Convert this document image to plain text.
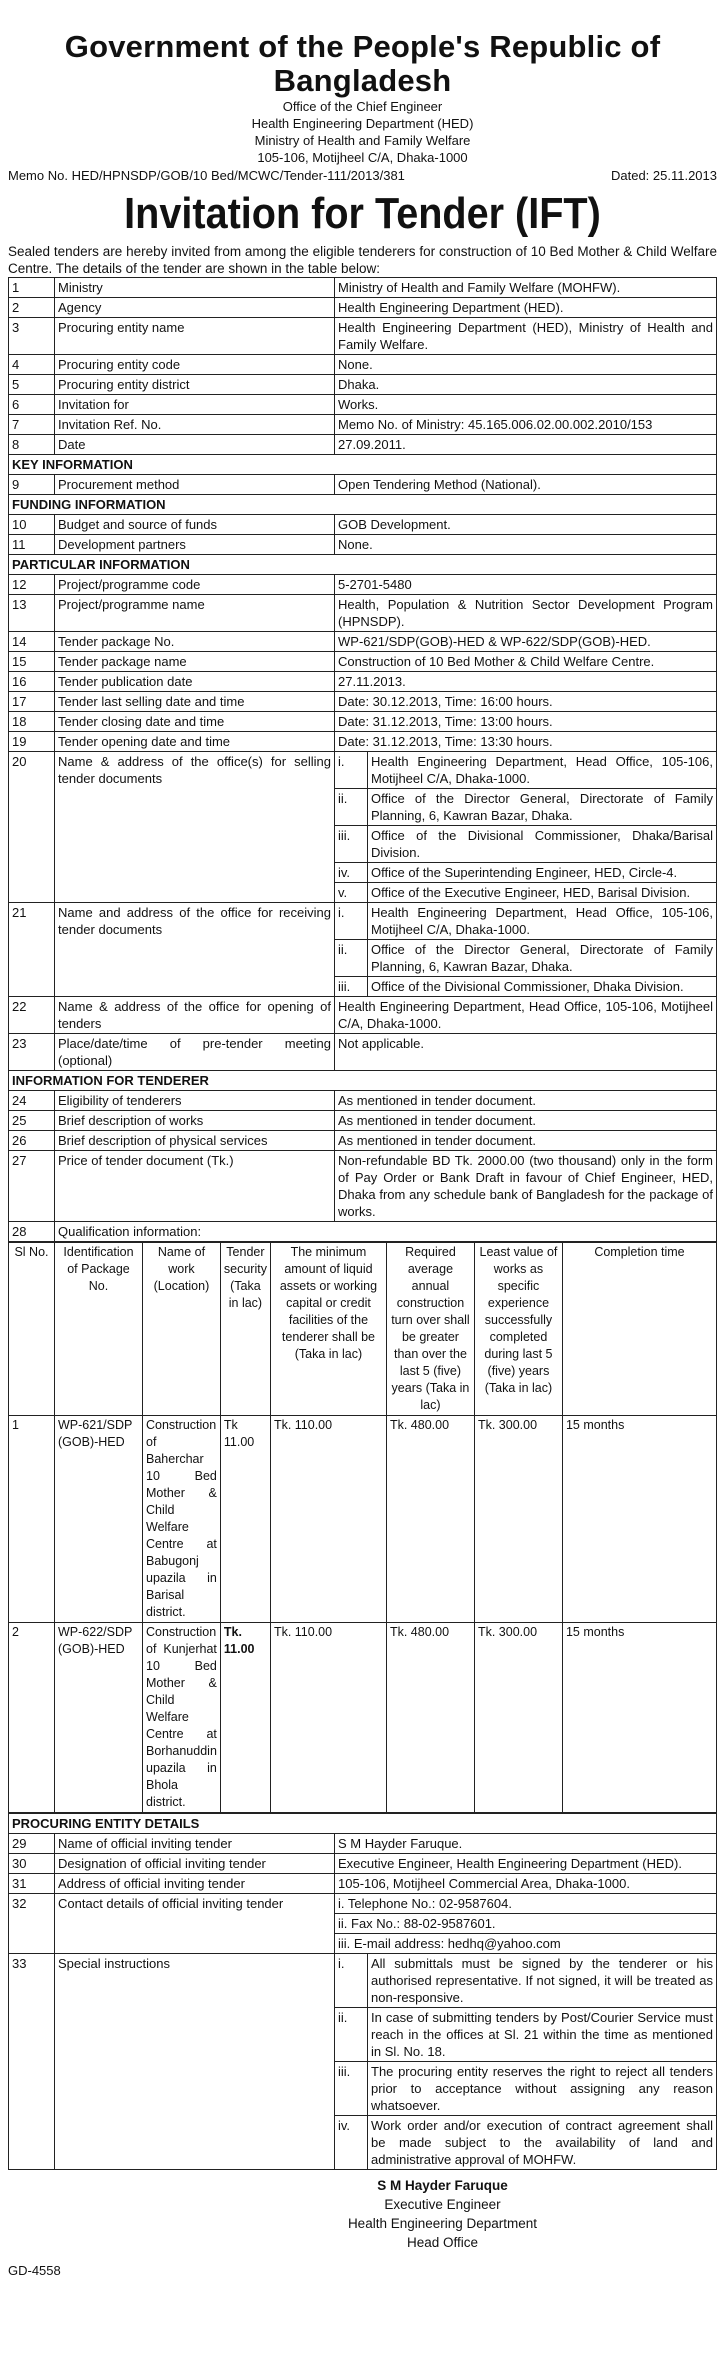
Government of the People's Republic of Bangladesh
Office of the Chief Engineer
Health Engineering Department (HED)
Ministry of Health and Family Welfare
105-106, Motijheel C/A, Dhaka-1000
Memo No. HED/HPNSDP/GOB/10 Bed/MCWC/Tender-111/2013/381	Dated: 25.11.2013
Invitation for Tender (IFT)
Sealed tenders are hereby invited from among the eligible tenderers for construction of 10 Bed Mother & Child Welfare Centre. The details of the tender are shown in the table below:
1	Ministry	Ministry of Health and Family Welfare (MOHFW).
2	Agency	Health Engineering Department (HED).
3	Procuring entity name	Health Engineering Department (HED), Ministry of Health and Family Welfare.
4	Procuring entity code	None.
5	Procuring entity district	Dhaka.
6	Invitation for	Works.
7	Invitation Ref. No.	Memo No. of Ministry: 45.165.006.02.00.002.2010/153
8	Date	27.09.2011.
KEY INFORMATION
9	Procurement method	Open Tendering Method (National).
FUNDING INFORMATION
10	Budget and source of funds	GOB Development.
11	Development partners	None.
PARTICULAR INFORMATION
12	Project/programme code	5-2701-5480
13	Project/programme name	Health, Population & Nutrition Sector Development Program (HPNSDP).
14	Tender package No.	WP-621/SDP(GOB)-HED & WP-622/SDP(GOB)-HED.
15	Tender package name	Construction of 10 Bed Mother & Child Welfare Centre.
16	Tender publication date	27.11.2013.
17	Tender last selling date and time	Date: 30.12.2013, Time: 16:00 hours.
18	Tender closing date and time	Date: 31.12.2013, Time: 13:00 hours.
19	Tender opening date and time	Date: 31.12.2013, Time: 13:30 hours.
20	Name & address of the office(s) for selling tender documents	
i.	Health Engineering Department, Head Office, 105-106, Motijheel C/A, Dhaka-1000.
ii.	Office of the Director General, Directorate of Family Planning, 6, Kawran Bazar, Dhaka.
iii.	Office of the Divisional Commissioner, Dhaka/Barisal Division.
iv.	Office of the Superintending Engineer, HED, Circle-4.
v.	Office of the Executive Engineer, HED, Barisal Division.

21	Name and address of the office for receiving tender documents	
i.	Health Engineering Department, Head Office, 105-106, Motijheel C/A, Dhaka-1000.
ii.	Office of the Director General, Directorate of Family Planning, 6, Kawran Bazar, Dhaka.
iii.	Office of the Divisional Commissioner, Dhaka Division.

22	Name & address of the office for opening of tenders	Health Engineering Department, Head Office, 105-106, Motijheel C/A, Dhaka-1000.
23	Place/date/time of pre-tender meeting (optional)	Not applicable.
INFORMATION FOR TENDERER
24	Eligibility of tenderers	As mentioned in tender document.
25	Brief description of works	As mentioned in tender document.
26	Brief description of physical services	As mentioned in tender document.
27	Price of tender document (Tk.)	Non-refundable BD Tk. 2000.00 (two thousand) only in the form of Pay Order or Bank Draft in favour of Chief Engineer, HED, Dhaka from any schedule bank of Bangladesh for the package of works.
28	Qualification information:
Sl No.	Identification of Package No.	Name of work (Location)	Tender security (Taka in lac)	The minimum amount of liquid assets or working capital or credit facilities of the tenderer shall be (Taka in lac)	Required average annual construction turn over shall be greater than over the last 5 (five) years (Taka in lac)	Least value of works as specific experience successfully completed during last 5 (five) years (Taka in lac)	Completion time
1	WP-621/SDP (GOB)-HED	Construction of Baherchar 10 Bed Mother & Child Welfare Centre at Babugonj upazila in Barisal district.	Tk 11.00	Tk. 110.00	Tk. 480.00	Tk. 300.00	15 months
2	WP-622/SDP (GOB)-HED	Construction of Kunjerhat 10 Bed Mother & Child Welfare Centre at Borhanuddin upazila in Bhola district.	Tk. 11.00	Tk. 110.00	Tk. 480.00	Tk. 300.00	15 months
PROCURING ENTITY DETAILS
29	Name of official inviting tender	S M Hayder Faruque.
30	Designation of official inviting tender	Executive Engineer, Health Engineering Department (HED).
31	Address of official inviting tender	105-106, Motijheel Commercial Area, Dhaka-1000.
32	Contact details of official inviting tender		i. Telephone No.: 02-9587604.
ii. Fax No.: 88-02-9587601.
iii. E-mail address: hedhq@yahoo.com

33	Special instructions		i.	All submittals must be signed by the tenderer or his authorised representative. If not signed, it will be treated as non-responsive.
ii.	In case of submitting tenders by Post/Courier Service must reach in the offices at Sl. 21 within the time as mentioned in Sl. No. 18.
iii.	The procuring entity reserves the right to reject all tenders prior to acceptance without assigning any reason whatsoever.
iv.	Work order and/or execution of contract agreement shall be made subject to the availability of land and administrative approval of MOHFW.
S M Hayder Faruque
Executive Engineer
Health Engineering Department
Head Office
GD-4558
